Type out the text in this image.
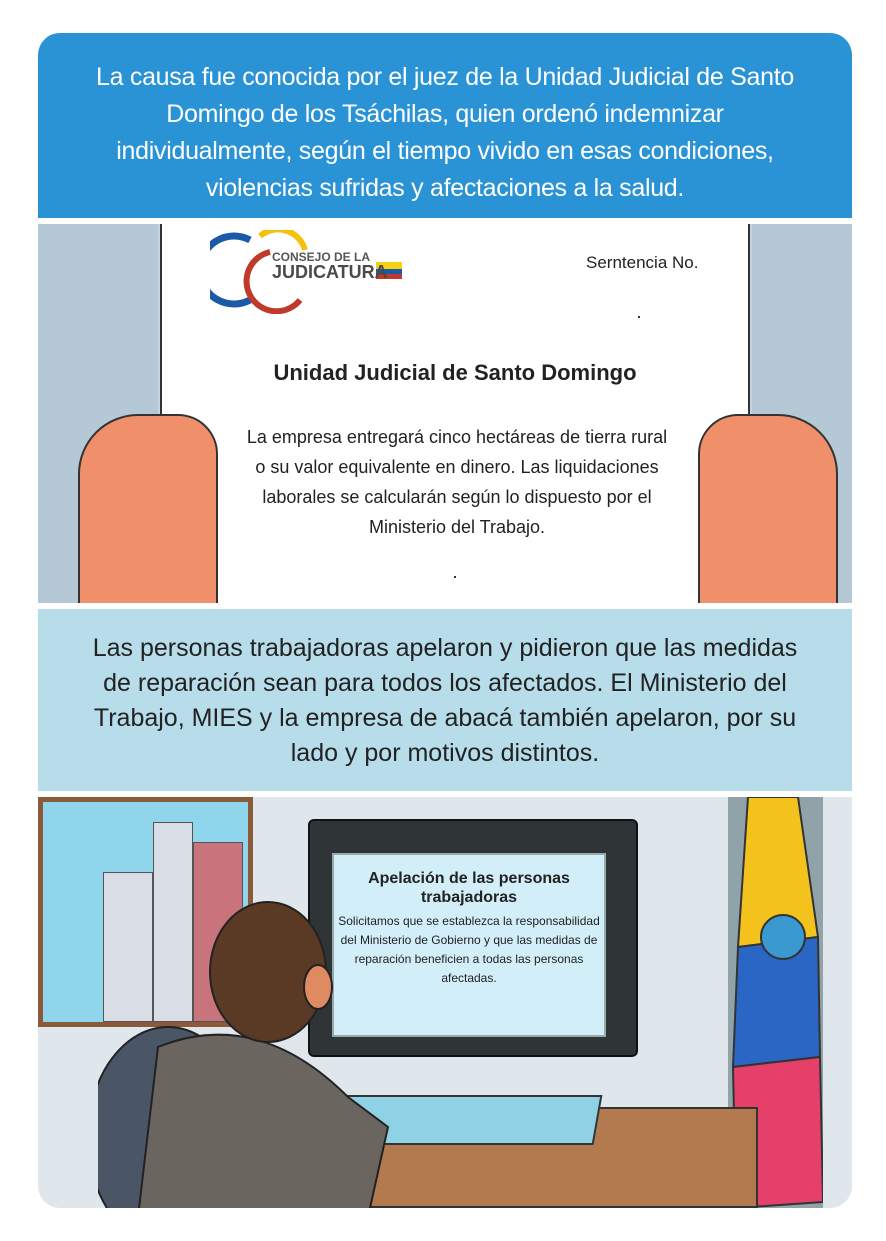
La causa fue conocida por el juez de la Unidad Judicial de Santo Domingo de los Tsáchilas, quien ordenó indemnizar individualmente, según el tiempo vivido en esas condiciones, violencias sufridas y afectaciones a la salud.
CONSEJO DE LA
JUDICATURA	Serntencia No.
Unidad Judicial de Santo Domingo
La empresa entregará cinco hectáreas de tierra rural o su valor equivalente en dinero. Las liquidaciones laborales se calcularán según lo dispuesto por el Ministerio del Trabajo.
Las personas trabajadoras apelaron y pidieron que las medidas de reparación sean para todos los afectados. El Ministerio del Trabajo, MIES y la empresa de abacá también apelaron, por su lado y por motivos distintos.
Apelación de las personas trabajadoras
Solicitamos que se establezca la responsabilidad del Ministerio de Gobierno y que las medidas de reparación beneficien a todas las personas afectadas.
